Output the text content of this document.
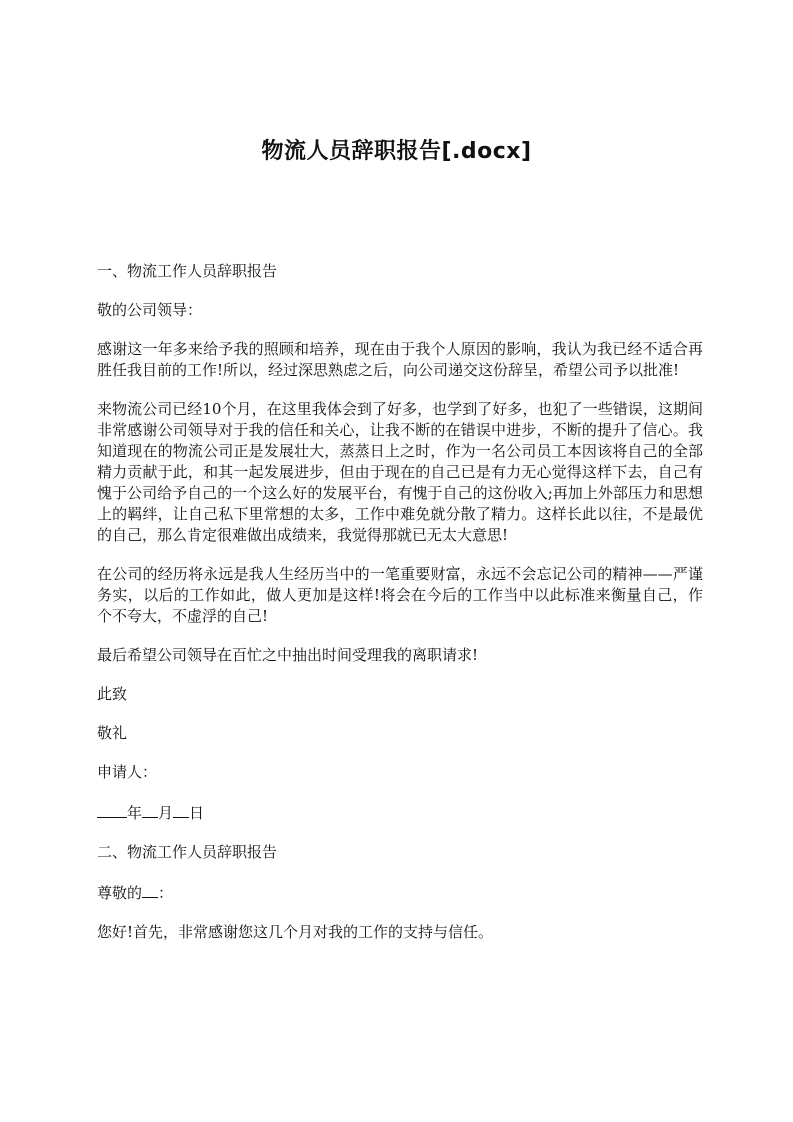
物流人员辞职报告[.docx]

一、物流工作人员辞职报告

敬的公司领导：

感谢这一年多来给予我的照顾和培养，现在由于我个人原因的影响，我认为我已经不适合再胜任我目前的工作!所以，经过深思熟虑之后，向公司递交这份辞呈，希望公司予以批准!

来物流公司已经10个月，在这里我体会到了好多，也学到了好多，也犯了一些错误，这期间非常感谢公司领导对于我的信任和关心，让我不断的在错误中进步，不断的提升了信心。我知道现在的物流公司正是发展壮大，蒸蒸日上之时，作为一名公司员工本因该将自己的全部精力贡献于此，和其一起发展进步，但由于现在的自己已是有力无心觉得这样下去，自己有愧于公司给予自己的一个这么好的发展平台，有愧于自己的这份收入;再加上外部压力和思想上的羁绊，让自己私下里常想的太多，工作中难免就分散了精力。这样长此以往，不是最优的自己，那么肯定很难做出成绩来，我觉得那就已无太大意思!

在公司的经历将永远是我人生经历当中的一笔重要财富，永远不会忘记公司的精神——严谨务实，以后的工作如此，做人更加是这样!将会在今后的工作当中以此标准来衡量自己，作个不夸大，不虚浮的自己!

最后希望公司领导在百忙之中抽出时间受理我的离职请求!

此致

敬礼

申请人：

年 月 日

二、物流工作人员辞职报告

尊敬的 ：

您好!首先，非常感谢您这几个月对我的工作的支持与信任。
